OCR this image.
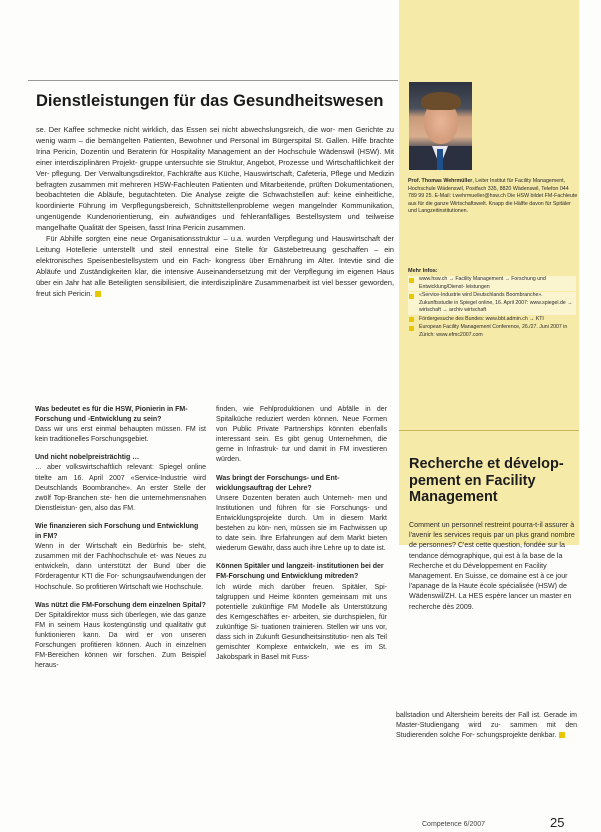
Dienstleistungen für das Gesundheitswesen

se. Der Kaffee schmecke nicht wirklich, das Essen sei nicht abwechslungsreich, die wor- men Gerichte zu wenig warm – die bemängelten Patienten, Bewohner und Personal im Bürgerspital St. Gallen. Hilfe brachte Irina Pericin, Dozentin und Beraterin für Hospitality Management an der Hochschule Wädenswil (HSW). Mit einer interdisziplinären Projekt- gruppe untersuchte sie Struktur, Angebot, Prozesse und Wirtschaftlichkeit der Ver- pflegung. Der Verwaltungsdirektor, Fachkräfte aus Küche, Hauswirtschaft, Cafeteria, Pflege und Medizin befragten zusammen mit mehreren HSW-Fachleuten Patienten und Mitarbeitende, prüften Dokumentationen, beobachteten die Abläufe, begutachteten. Die Analyse zeigte die Schwachstellen auf: keine einheitliche, koordinierte Führung im Verpflegungsbereich, Schnittstellenprobleme wegen mangelnder Kommunikation, ungenügende Kundenorientierung, ein aufwändiges und fehleranfälliges Bestellsystem und teilweise mangelhafte Qualität der Speisen, fasst Irina Pericin zusammen.

Für Abhilfe sorgten eine neue Organisationsstruktur – u.a. wurden Verpflegung und Hauswirtschaft der Leitung Hotellerie unterstellt und steil ennestral eine Stelle für Gästebetreuung geschaffen – ein elektronisches Speisenbestellsystem und ein Fach- kongress über Ernährung im Alter. Intevtie sind die Abläufe und Zuständigkeiten klar, die intensive Auseinandersetzung mit der Verpflegung im eigenen Haus über ein Jahr hat alle Beteiligten sensibilisiert, die interdisziplinäre Zusammenarbeit ist viel besser geworden, freut sich Pericin.

Prof. Thomas Wehrmüller, Leiter Institut für Facility Management, Hochschule Wädenswil, Postfach 335, 8820 Wädenswil, Telefon 044 789 99 25. E-Mail: t.wehrmueller@hsw.ch Die HSW bildet FM-Fachleute aus für die ganze Wirtschaftswelt. Knapp die Hälfte davon für Spitäler und Langzeitinstitutionen.
Mehr Infos:
www.hsw.ch → Facility Management → Forschung und Entwicklung/Dienst- leistungen
«Service-Industrie wird Deutschlands Boombranche». Zukunftsstudie in Spiegel online, 16. April 2007: www.spiegel.de → wirtschaft → archiv wirtschaft
Fördergesuche des Bundes: www.bbt.admin.ch → KTI
European Facility Management Conference, 26./27. Juni 2007 in Zürich: www.efmc2007.com
Recherche et dévelop- pement en Facility Management

Comment un personnel restreint pourra-t-il assurer à l'avenir les services requis par un plus grand nombre de personnes? C'est cette question, fondée sur la tendance démographique, qui est à la base de la Recherche et du Développement en Facility Management. En Suisse, ce domaine est à ce jour l'apanage de la Haute école spécialisée (HSW) de Wädenswil/ZH. La HES espère lancer un master en recherche dès 2009.

Was bedeutet es für die HSW, Pionierin in FM-Forschung und -Entwicklung zu sein?

Dass wir uns erst einmal behaupten müssen. FM ist kein traditionelles Forschungsgebiet.

Und nicht nobelpreisträchtig …

… aber volkswirtschaftlich relevant: Spiegel online titelte am 16. April 2007 «Service-Industrie wird Deutschlands Boombranche». An erster Stelle der zwölf Top-Branchen ste- hen die unternehmensnahen Dienstleistun- gen, also das FM.

Wie finanzieren sich Forschung und Entwicklung in FM?

Wenn in der Wirtschaft ein Bedürfnis be- steht, zusammen mit der Fachhochschule et- was Neues zu entwickeln, dann unterstützt der Bund über die Förderagentur KTI die For- schungsaufwendungen der Hochschule. So profitieren Wirtschaft wie Hochschule.

Was nützt die FM-Forschung dem einzelnen Spital?

Der Spitaldirektor muss sich überlegen, wie das ganze FM in seinem Haus kostengünstig und qualitativ gut funktionieren kann. Da wird er von unseren Forschungen profitieren können. Auch in einzelnen FM-Bereichen können wir forschen. Zum Beispiel heraus-

finden, wie Fehlproduktionen und Abfälle in der Spitalküche reduziert werden können. Neue Formen von Public Private Partnerships könnten ebenfalls interessant sein. Es gibt genug Unternehmen, die gerne in Infrastruk- tur und damit in FM investieren würden.

Was bringt der Forschungs- und Ent- wicklungsauftrag der Lehre?

Unsere Dozenten beraten auch Unterneh- men und Institutionen und führen für sie Forschungs- und Entwicklungsprojekte durch. Um in diesem Markt bestehen zu kön- nen, müssen sie im Fachwissen up to date sein. Ihre Erfahrungen auf dem Markt bieten wiederum Gewähr, dass auch ihre Lehre up to date ist.

Können Spitäler und langzeit- institutionen bei der FM-Forschung und Entwicklung mitreden?

Ich würde mich darüber freuen. Spitäler, Spi- talgruppen und Heime könnten gemeinsam mit uns potentielle zukünftige FM Modelle als Unterstützung des Kerngeschäftes er- arbeiten, sie durchspielen, für zukünftige Si- tuationen trainieren. Stellen wir uns vor, dass sich in Zukunft Gesundheitsinstitutio- nen als Teil gemischter Komplexe entwickeln, wie es im St. Jakobspark in Basel mit Fuss-

ballstadion und Altersheim bereits der Fall ist. Gerade im Master-Studiengang wird zu- sammen mit den Studierenden solche For- schungsprojekte denkbar.
Competence 6/2007	25
